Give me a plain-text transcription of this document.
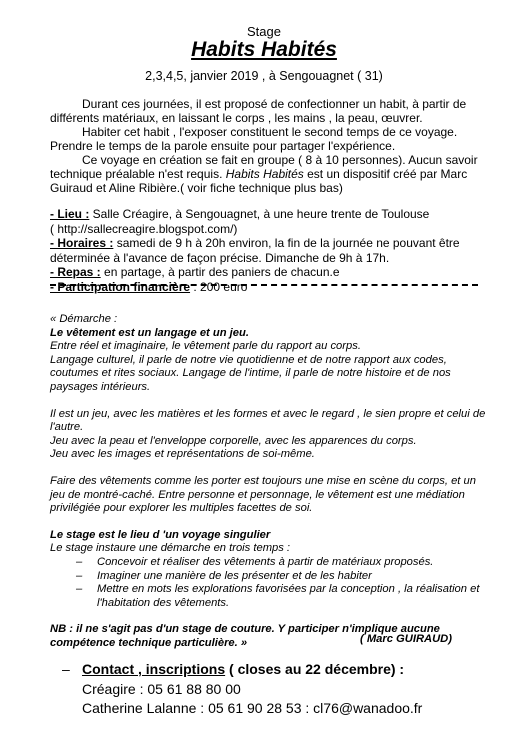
Stage
Habits Habités
2,3,4,5, janvier 2019 , à Sengouagnet ( 31)

Durant ces journées, il est proposé de confectionner un habit, à partir de différents matériaux, en laissant le corps , les mains , la peau, œuvrer.

Habiter cet habit , l'exposer constituent le second temps de ce voyage.

Prendre le temps de la parole ensuite pour partager l'expérience.

Ce voyage en création se fait en groupe ( 8 à 10 personnes). Aucun savoir technique préalable n'est requis. Habits Habités est un dispositif créé par Marc Guiraud et Aline Ribière.( voir fiche technique plus bas)

- Lieu : Salle Créagire, à Sengouagnet, à une heure trente de Toulouse
( http://sallecreagire.blogspot.com/)
- Horaires : samedi de 9 h à 20h environ, la fin de la journée ne pouvant être
déterminée à l'avance de façon précise. Dimanche de 9h à 17h.
- Repas : en partage, à partir des paniers de chacun.e
- Participation financière : 200 euro

« Démarche :

Le vêtement est un langage et un jeu.

Entre réel et imaginaire, le vêtement parle du rapport au corps.

Langage culturel, il parle de notre vie quotidienne et de notre rapport aux codes, coutumes et rites sociaux. Langage de l'intime, il parle de notre histoire et de nos paysages intérieurs.

Il est un jeu, avec les matières et les formes et avec le regard , le sien propre et celui de l'autre.

Jeu avec la peau et l'enveloppe corporelle, avec les apparences du corps.

Jeu avec les images et représentations de soi-même.

Faire des vêtements comme les porter est toujours une mise en scène du corps, et un jeu de montré-caché. Entre personne et personnage, le vêtement est une médiation privilégiée pour explorer les multiples facettes de soi.

Le stage est le lieu d 'un voyage singulier

Le stage instaure une démarche en trois temps :

– Concevoir et réaliser des vêtements à partir de matériaux proposés.

– Imaginer une manière de les présenter et de les habiter

– Mettre en mots les explorations favorisées par la conception , la réalisation et l'habitation des vêtements.

NB : il ne s'agit pas d'un stage de couture. Y participer n'implique aucune compétence technique particulière. »	( Marc GUIRAUD)
– Contact , inscriptions ( closes au 22 décembre) :
Créagire : 05 61 88 80 00
Catherine Lalanne : 05 61 90 28 53 : cl76@wanadoo.fr
